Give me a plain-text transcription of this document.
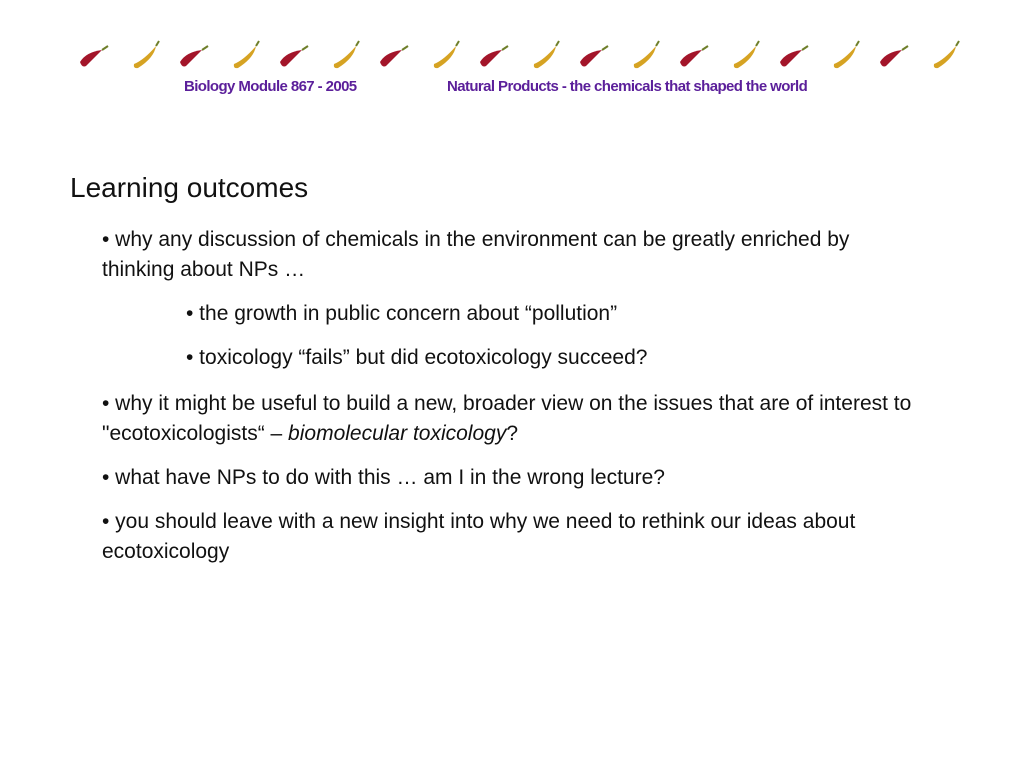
Biology Module 867 - 2005	Natural Products - the chemicals that shaped the world
Learning outcomes

• why any discussion of chemicals in the environment can be greatly enriched by thinking about NPs …

• the growth in public concern about “pollution”

• toxicology “fails” but did ecotoxicology succeed?

• why it might be useful to build a new, broader view on the issues that are of interest to "ecotoxicologists“ – biomolecular toxicology?

• what have NPs to do with this … am I in the wrong lecture?

• you should leave with a new insight into why we need to rethink our ideas about ecotoxicology
